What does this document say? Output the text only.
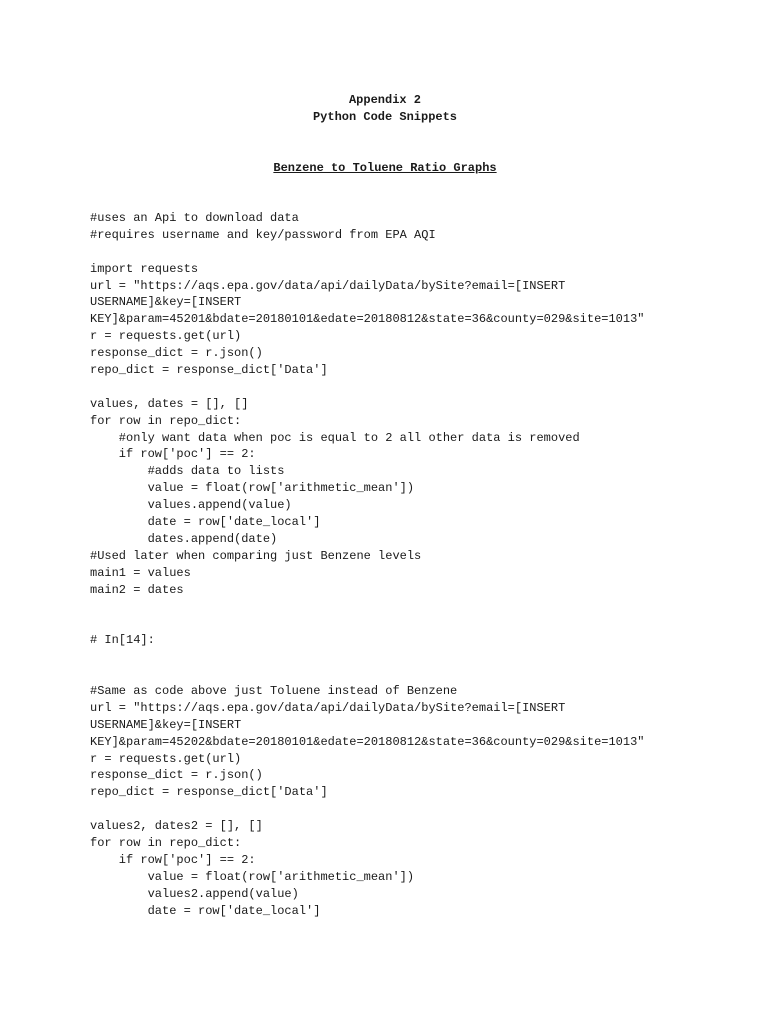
Appendix 2
Python Code Snippets
Benzene to Toluene Ratio Graphs
#uses an Api to download data
#requires username and key/password from EPA AQI
import requests
url = "https://aqs.epa.gov/data/api/dailyData/bySite?email=[INSERT
USERNAME]&key=[INSERT
KEY]&param=45201&bdate=20180101&edate=20180812&state=36&county=029&site=1013"
r = requests.get(url)
response_dict = r.json()
repo_dict = response_dict['Data']
values, dates = [], []
for row in repo_dict:
#only want data when poc is equal to 2 all other data is removed
if row['poc'] == 2:
#adds data to lists
value = float(row['arithmetic_mean'])
values.append(value)
date = row['date_local']
dates.append(date)
#Used later when comparing just Benzene levels
main1 = values
main2 = dates
# In[14]:
#Same as code above just Toluene instead of Benzene
url = "https://aqs.epa.gov/data/api/dailyData/bySite?email=[INSERT
USERNAME]&key=[INSERT
KEY]&param=45202&bdate=20180101&edate=20180812&state=36&county=029&site=1013"
r = requests.get(url)
response_dict = r.json()
repo_dict = response_dict['Data']
values2, dates2 = [], []
for row in repo_dict:
if row['poc'] == 2:
value = float(row['arithmetic_mean'])
values2.append(value)
date = row['date_local']
